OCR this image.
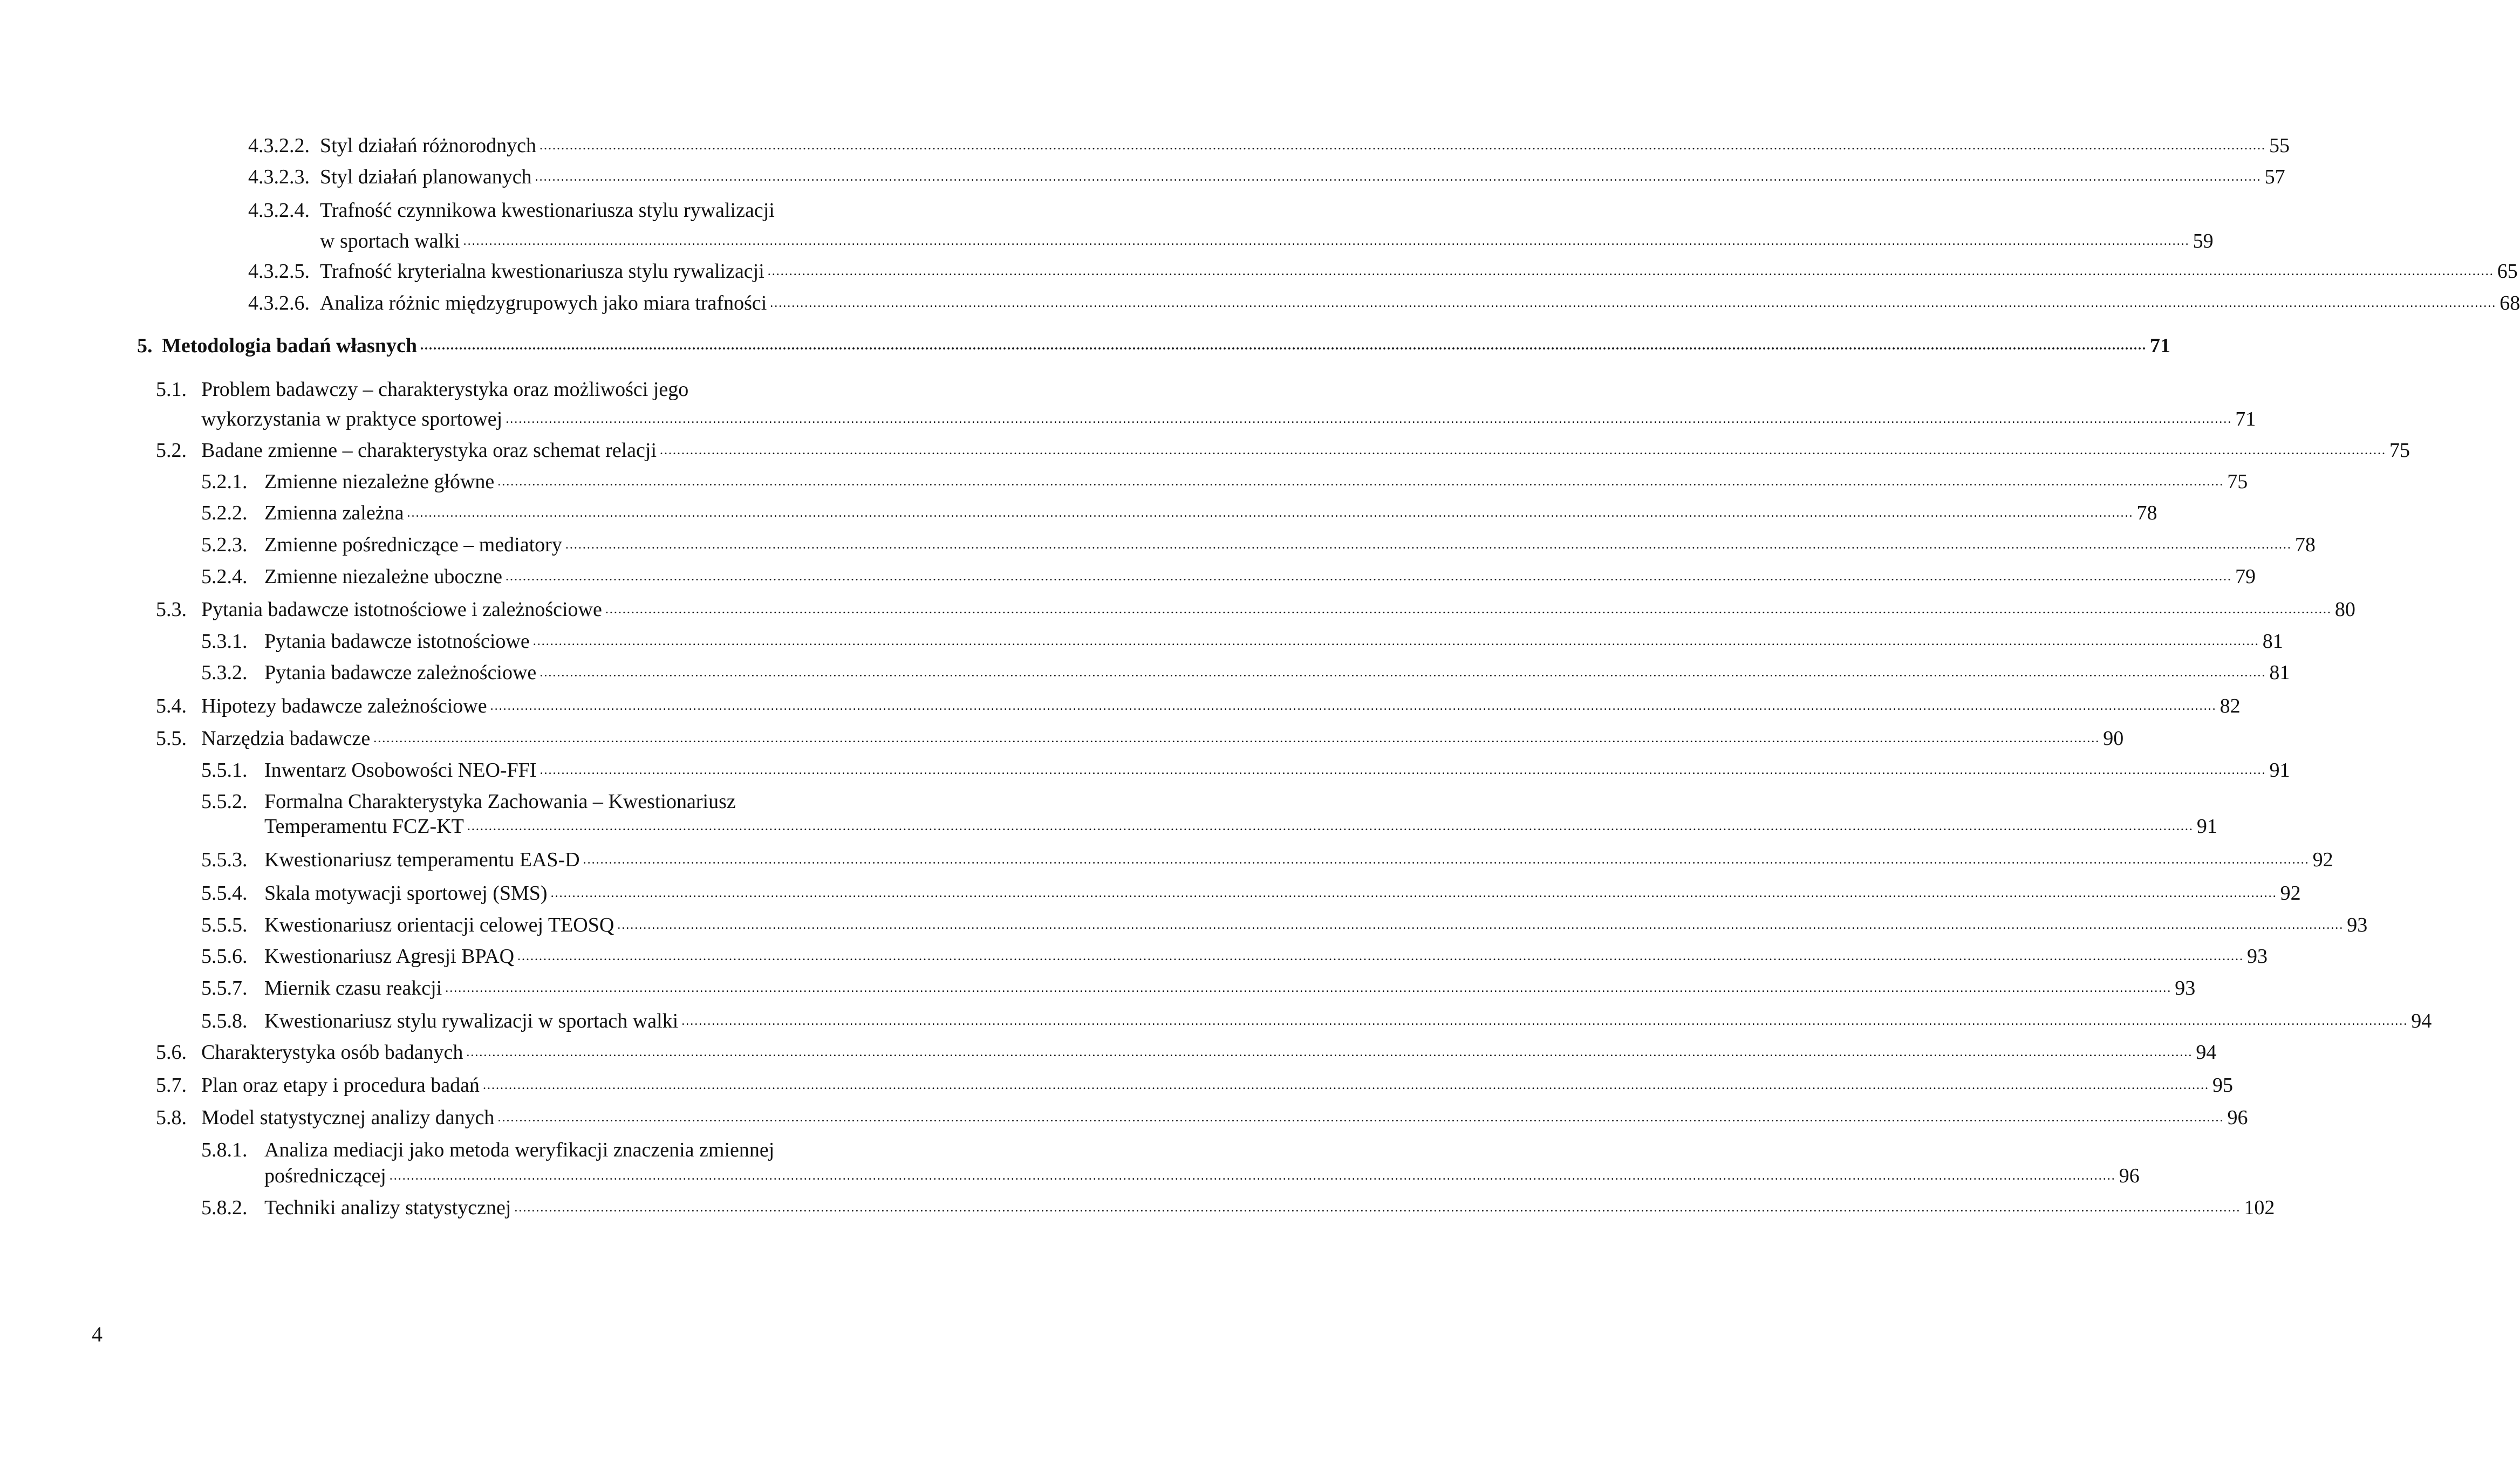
4.3.2.2. Styl działań różnorodnych ................................................................................................................................................................................................................................................................................................................................................................................................................ 55
4.3.2.3. Styl działań planowanych ................................................................................................................................................................................................................................................................................................................................................................................................................ 57
4.3.2.4. Trafność czynnikowa kwestionariusza stylu rywalizacji
w sportach walki ................................................................................................................................................................................................................................................................................................................................................................................................................ 59
4.3.2.5. Trafność kryterialna kwestionariusza stylu rywalizacji ................................................................................................................................................................................................................................................................................................................................................................................................................ 65
4.3.2.6. Analiza różnic międzygrupowych jako miara trafności ................................................................................................................................................................................................................................................................................................................................................................................................................ 68
5. Metodologia badań własnych ................................................................................................................................................................................................................................................................................................................................................................................................................ 71
5.1. Problem badawczy – charakterystyka oraz możliwości jego
wykorzystania w praktyce sportowej ................................................................................................................................................................................................................................................................................................................................................................................................................ 71
5.2. Badane zmienne – charakterystyka oraz schemat relacji ................................................................................................................................................................................................................................................................................................................................................................................................................ 75
5.2.1. Zmienne niezależne główne ................................................................................................................................................................................................................................................................................................................................................................................................................ 75
5.2.2. Zmienna zależna ................................................................................................................................................................................................................................................................................................................................................................................................................ 78
5.2.3. Zmienne pośredniczące – mediatory ................................................................................................................................................................................................................................................................................................................................................................................................................ 78
5.2.4. Zmienne niezależne uboczne ................................................................................................................................................................................................................................................................................................................................................................................................................ 79
5.3. Pytania badawcze istotnościowe i zależnościowe ................................................................................................................................................................................................................................................................................................................................................................................................................ 80
5.3.1. Pytania badawcze istotnościowe ................................................................................................................................................................................................................................................................................................................................................................................................................ 81
5.3.2. Pytania badawcze zależnościowe ................................................................................................................................................................................................................................................................................................................................................................................................................ 81
5.4. Hipotezy badawcze zależnościowe ................................................................................................................................................................................................................................................................................................................................................................................................................ 82
5.5. Narzędzia badawcze ................................................................................................................................................................................................................................................................................................................................................................................................................ 90
5.5.1. Inwentarz Osobowości NEO-FFI ................................................................................................................................................................................................................................................................................................................................................................................................................ 91
5.5.2. Formalna Charakterystyka Zachowania – Kwestionariusz
Temperamentu FCZ-KT ................................................................................................................................................................................................................................................................................................................................................................................................................ 91
5.5.3. Kwestionariusz temperamentu EAS-D ................................................................................................................................................................................................................................................................................................................................................................................................................ 92
5.5.4. Skala motywacji sportowej (SMS) ................................................................................................................................................................................................................................................................................................................................................................................................................ 92
5.5.5. Kwestionariusz orientacji celowej TEOSQ ................................................................................................................................................................................................................................................................................................................................................................................................................ 93
5.5.6. Kwestionariusz Agresji BPAQ ................................................................................................................................................................................................................................................................................................................................................................................................................ 93
5.5.7. Miernik czasu reakcji ................................................................................................................................................................................................................................................................................................................................................................................................................ 93
5.5.8. Kwestionariusz stylu rywalizacji w sportach walki ................................................................................................................................................................................................................................................................................................................................................................................................................ 94
5.6. Charakterystyka osób badanych ................................................................................................................................................................................................................................................................................................................................................................................................................ 94
5.7. Plan oraz etapy i procedura badań ................................................................................................................................................................................................................................................................................................................................................................................................................ 95
5.8. Model statystycznej analizy danych ................................................................................................................................................................................................................................................................................................................................................................................................................ 96
5.8.1. Analiza mediacji jako metoda weryfikacji znaczenia zmiennej
pośredniczącej ................................................................................................................................................................................................................................................................................................................................................................................................................ 96
5.8.2. Techniki analizy statystycznej ................................................................................................................................................................................................................................................................................................................................................................................................................ 102
4
